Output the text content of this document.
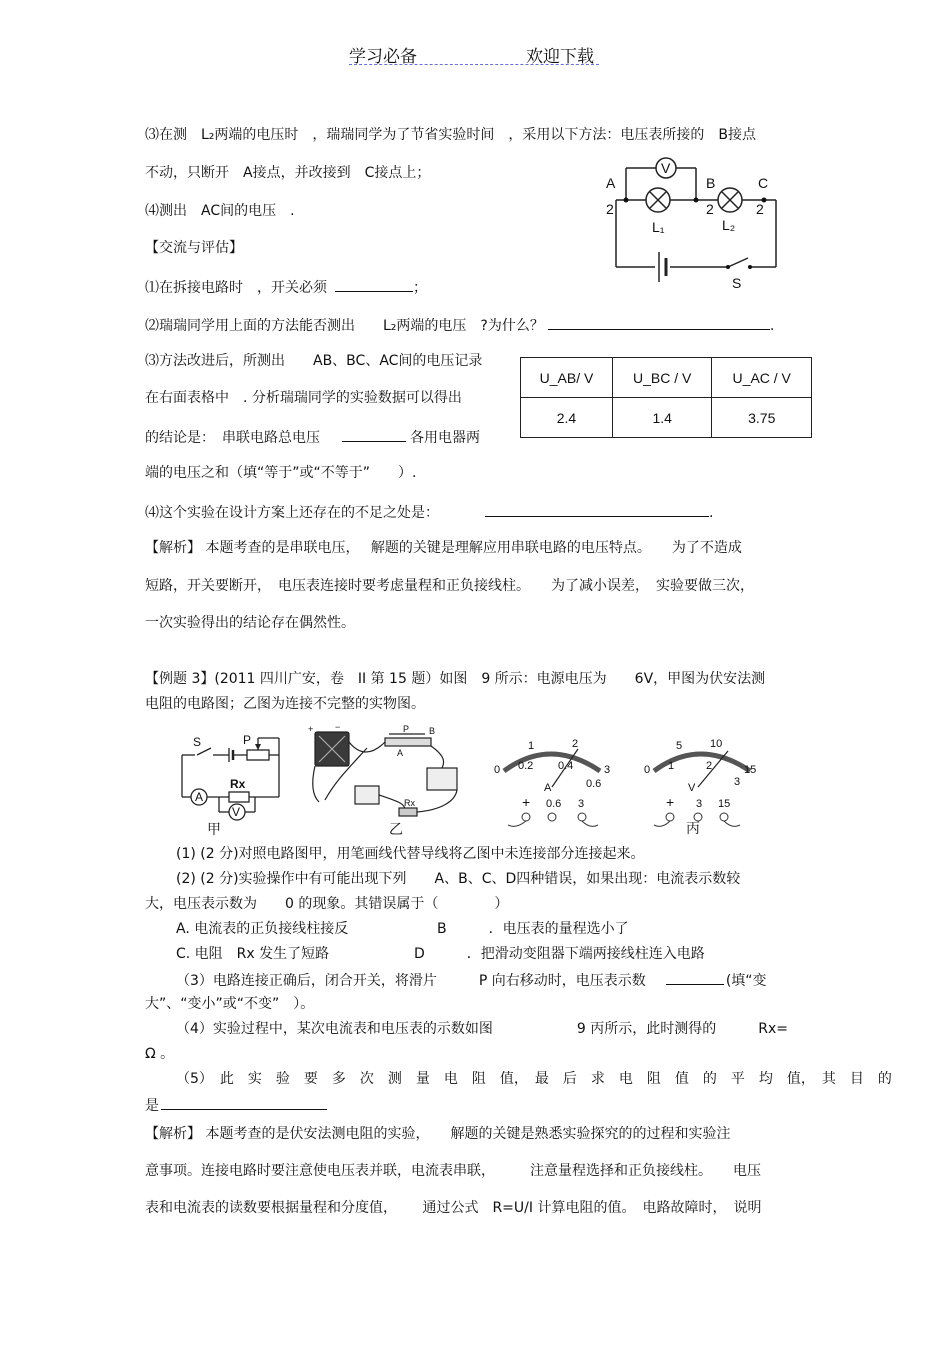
学习必备	欢迎下载
⑶在测　L₂两端的电压时　，瑞瑞同学为了节省实验时间　，采用以下方法：电压表所接的　B接点
不动，只断开　A接点，并改接到　C接点上；
⑷测出　AC间的电压　.
【交流与评估】
⑴在拆接电路时　，开关必须	；
⑵瑞瑞同学用上面的方法能否测出　　L₂两端的电压　?为什么？	.
⑶方法改进后，所测出　　AB、BC、AC间的电压记录
在右面表格中　. 分析瑞瑞同学的实验数据可以得出
的结论是：　串联电路总电压	各用电器两
端的电压之和（填“等于”或“不等于”　　）.
⑷这个实验在设计方案上还存在的不足之处是：	.
【解析】 本题考查的是串联电压，　 解题的关键是理解应用串联电路的电压特点。　　为了不造成
短路，开关要断开，　电压表连接时要考虑量程和正负接线柱。　　为了减小误差，　实验要做三次，
一次实验得出的结论存在偶然性。
V
A	B	C
2	2	2
L₁	L₂
S
U_AB/ V	U_BC / V	U_AC / V
2.4	1.4	3.75
【例题 3】(2011 四川广安，卷　II 第 15 题）如图　9 所示：电源电压为　　6V，甲图为伏安法测
电阻的电路图；乙图为连接不完整的实物图。
S	P
Rx
A
V
甲
+ −	P B
A
Rx
乙
0
1	2
3
0.2 0.4
0.6
A
+ 0.6 3
0
5	10
15
1	2
3
V
+ 3 15
丙
(1) (2 分)对照电路图甲，用笔画线代替导线将乙图中未连接部分连接起来。
(2) (2 分)实验操作中有可能出现下列　　A、B、C、D四种错误，如果出现：电流表示数较
大，电压表示数为　　0 的现象。其错误属于（　　　　）
A. 电流表的正负接线柱接反	B　　　．电压表的量程选小了
C. 电阻　Rx 发生了短路	D　　　．把滑动变阻器下端两接线柱连入电路
（3）电路连接正确后，闭合开关，将滑片　　　P 向右移动时，电压表示数	(填“变
大”、“变小”或“不变”　）。
（4）实验过程中，某次电流表和电压表的示数如图　　　　　　9 丙所示，此时测得的　　　Rx=
Ω 。
（5）　此　实　验　要　多　次　测　量　电　阻　值，　最　后　求　电　阻　值　的　平　均　值，　其　目　的
是
【解析】 本题考查的是伏安法测电阻的实验，　　解题的关键是熟悉实验探究的的过程和实验注
意事项。连接电路时要注意使电压表并联，电流表串联，　　　注意量程选择和正负接线柱。　　电压
表和电流表的读数要根据量程和分度值，　　 通过公式　R=U/I 计算电阻的值。　电路故障时，　说明
